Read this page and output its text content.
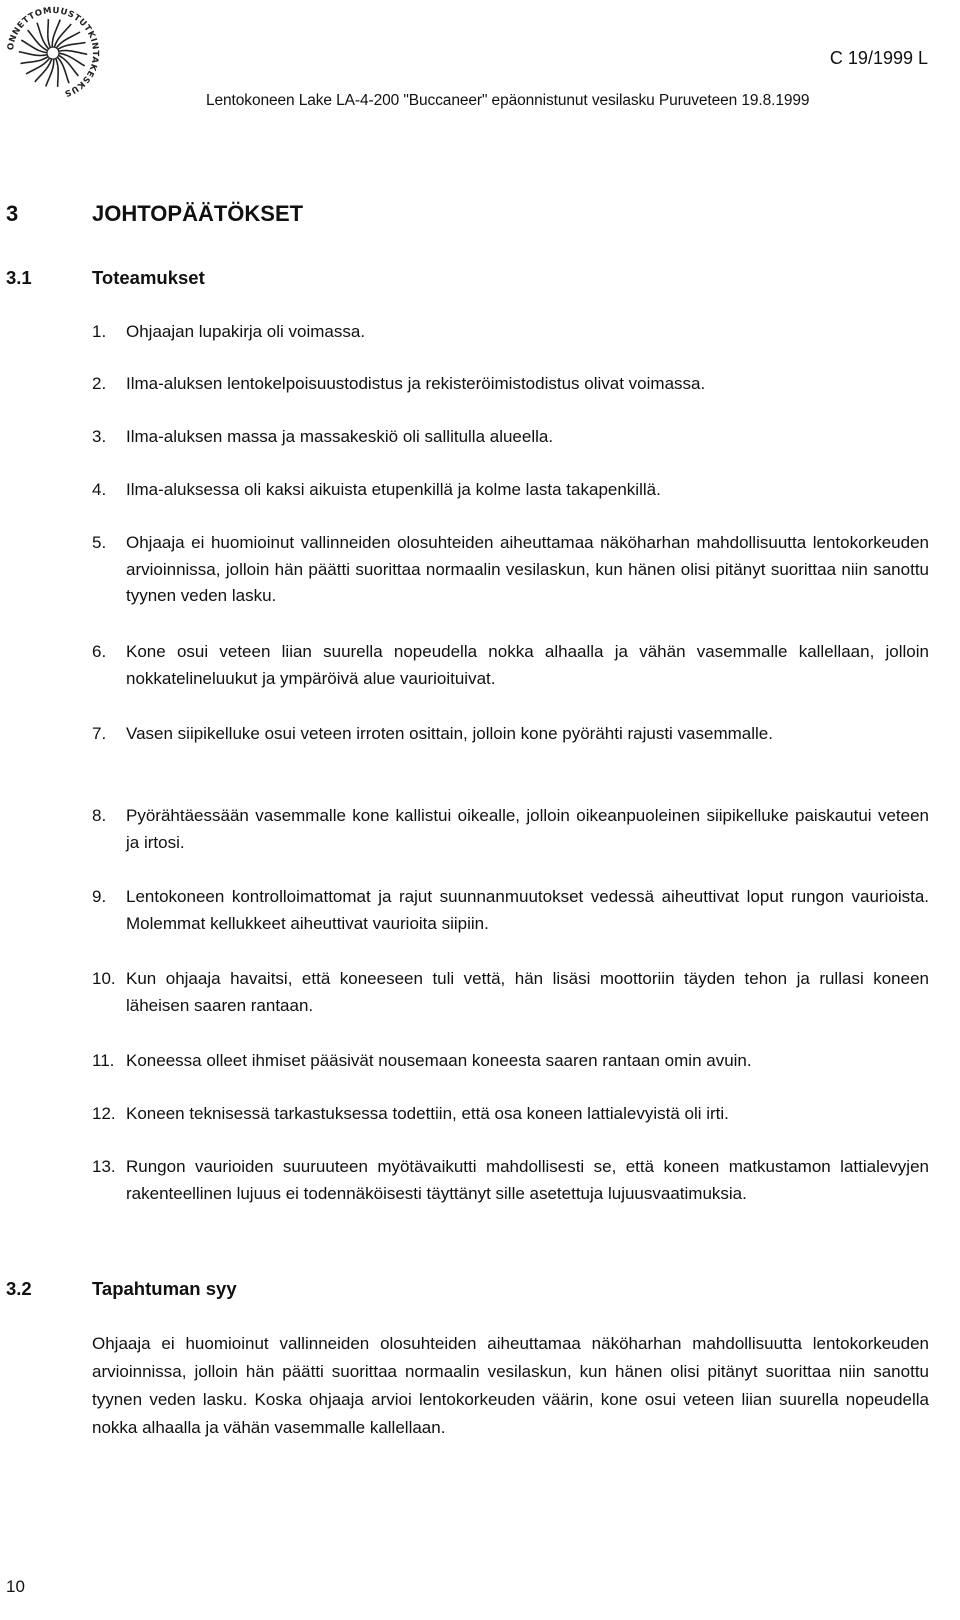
ONNETTOMUUSTUTKINTAKESKUS
C 19/1999 L
Lentokoneen Lake LA-4-200 "Buccaneer" epäonnistunut vesilasku Puruveteen 19.8.1999
3	JOHTOPÄÄTÖKSET
3.1	Toteamukset
1. Ohjaajan lupakirja oli voimassa.
2. Ilma-aluksen lentokelpoisuustodistus ja rekisteröimistodistus olivat voimassa.
3. Ilma-aluksen massa ja massakeskiö oli sallitulla alueella.
4. Ilma-aluksessa oli kaksi aikuista etupenkillä ja kolme lasta takapenkillä.
5. Ohjaaja ei huomioinut vallinneiden olosuhteiden aiheuttamaa näköharhan mahdollisuutta lentokorkeuden arvioinnissa, jolloin hän päätti suorittaa normaalin vesilaskun, kun hänen olisi pitänyt suorittaa niin sanottu tyynen veden lasku.
6. Kone osui veteen liian suurella nopeudella nokka alhaalla ja vähän vasemmalle kallellaan, jolloin nokkatelineluukut ja ympäröivä alue vaurioituivat.
7. Vasen siipikelluke osui veteen irroten osittain, jolloin kone pyörähti rajusti vasemmalle.
8. Pyörähtäessään vasemmalle kone kallistui oikealle, jolloin oikeanpuoleinen siipikelluke paiskautui veteen ja irtosi.
9. Lentokoneen kontrolloimattomat ja rajut suunnanmuutokset vedessä aiheuttivat loput rungon vaurioista. Molemmat kellukkeet aiheuttivat vaurioita siipiin.
10. Kun ohjaaja havaitsi, että koneeseen tuli vettä, hän lisäsi moottoriin täyden tehon ja rullasi koneen läheisen saaren rantaan.
11. Koneessa olleet ihmiset pääsivät nousemaan koneesta saaren rantaan omin avuin.
12. Koneen teknisessä tarkastuksessa todettiin, että osa koneen lattialevyistä oli irti.
13. Rungon vaurioiden suuruuteen myötävaikutti mahdollisesti se, että koneen matkustamon lattialevyjen rakenteellinen lujuus ei todennäköisesti täyttänyt sille asetettuja lujuusvaatimuksia.
3.2	Tapahtuman syy
Ohjaaja ei huomioinut vallinneiden olosuhteiden aiheuttamaa näköharhan mahdollisuutta lentokorkeuden arvioinnissa, jolloin hän päätti suorittaa normaalin vesilaskun, kun hänen olisi pitänyt suorittaa niin sanottu tyynen veden lasku. Koska ohjaaja arvioi lentokorkeuden väärin, kone osui veteen liian suurella nopeudella nokka alhaalla ja vähän vasemmalle kallellaan.
10
